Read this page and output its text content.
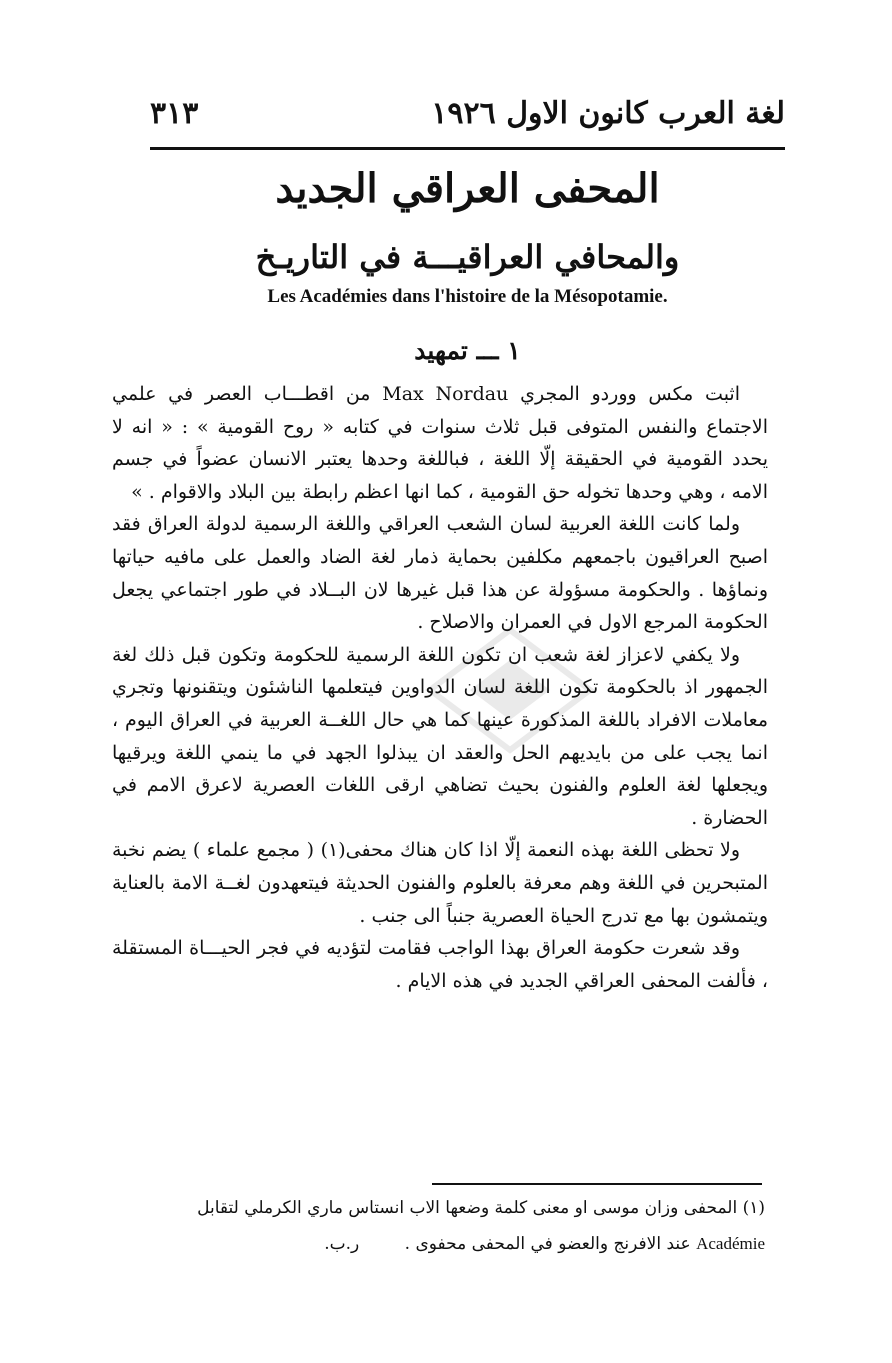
لغة العرب كانون الاول ١٩٢٦
٣١٣
المحفى العراقي الجديد
والمحافي العراقيـــة في التاريـخ
Les Académies dans l'histoire de la Mésopotamie.
١ ـــ تمهيد

اثبت مكس ووردو المجري Max Nordau من اقطـــاب العصر في علمي الاجتماع والنفس المتوفى قبل ثلاث سنوات في كتابه « روح القومية » : « انه لا يحدد القومية في الحقيقة إلّا اللغة ، فباللغة وحدها يعتبر الانسان عضواً في جسم الامه ، وهي وحدها تخوله حق القومية ، كما انها اعظم رابطة بين البلاد والاقوام . »

ولما كانت اللغة العربية لسان الشعب العراقي واللغة الرسمية لدولة العراق فقد اصبح العراقيون باجمعهم مكلفين بحماية ذمار لغة الضاد والعمل على مافيه حياتها ونماؤها . والحكومة مسؤولة عن هذا قبل غيرها لان البــلاد في طور اجتماعي يجعل الحكومة المرجع الاول في العمران والاصلاح .

ولا يكفي لاعزاز لغة شعب ان تكون اللغة الرسمية للحكومة وتكون قبل ذلك لغة الجمهور اذ بالحكومة تكون اللغة لسان الدواوين فيتعلمها الناشئون ويتقنونها وتجري معاملات الافراد باللغة المذكورة عينها كما هي حال اللغــة العربية في العراق اليوم ، انما يجب على من بايديهم الحل والعقد ان يبذلوا الجهد في ما ينمي اللغة ويرقيها ويجعلها لغة العلوم والفنون بحيث تضاهي ارقى اللغات العصرية لاعرق الامم في الحضارة .

ولا تحظى اللغة بهذه النعمة إلّا اذا كان هناك محفى(١) ( مجمع علماء ) يضم نخبة المتبحرين في اللغة وهم معرفة بالعلوم والفنون الحديثة فيتعهدون لغــة الامة بالعناية ويتمشون بها مع تدرج الحياة العصرية جنباً الى جنب .

وقد شعرت حكومة العراق بهذا الواجب فقامت لتؤديه في فجر الحيـــاة المستقلة ، فألفت المحفى العراقي الجديد في هذه الايام .

(١) المحفى وزان موسى او معنى كلمة وضعها الاب انستاس ماري الكرملي لتقابل

Académie عند الافرنج والعضو في المحفى محفوى . ر.ب.
